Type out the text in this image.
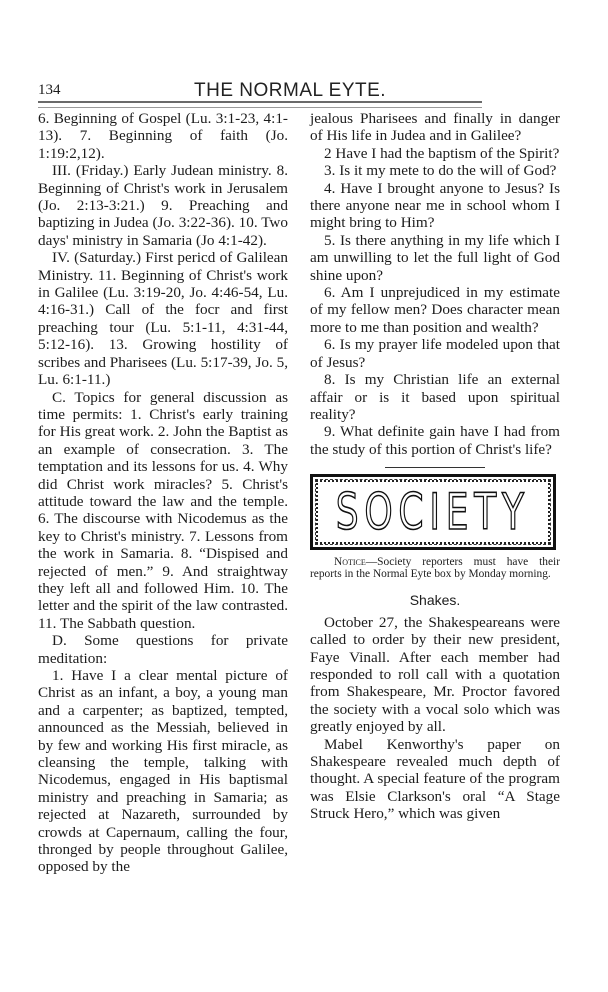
134	THE NORMAL EYTE.

6. Beginning of Gospel (Lu. 3:1-23, 4:1-13). 7. Beginning of faith (Jo. 1:19:2,12).

III. (Friday.) Early Judean ministry. 8. Beginning of Christ's work in Jerusalem (Jo. 2:13-3:21.) 9. Preaching and baptizing in Judea (Jo. 3:22-36). 10. Two days' ministry in Samaria (Jo 4:1-42).

IV. (Saturday.) First pericd of Galilean Ministry. 11. Beginning of Christ's work in Galilee (Lu. 3:19-20, Jo. 4:46-54, Lu. 4:16-31.) Call of the focr and first preaching tour (Lu. 5:1-11, 4:31-44, 5:12-16). 13. Growing hostility of scribes and Pharisees (Lu. 5:17-39, Jo. 5, Lu. 6:1-11.)

C. Topics for general discussion as time permits: 1. Christ's early training for His great work. 2. John the Baptist as an example of consecration. 3. The temptation and its lessons for us. 4. Why did Christ work miracles? 5. Christ's attitude toward the law and the temple. 6. The discourse with Nicodemus as the key to Christ's ministry. 7. Lessons from the work in Samaria. 8. “Dispised and rejected of men.” 9. And straightway they left all and followed Him. 10. The letter and the spirit of the law contrasted. 11. The Sabbath question.

D. Some questions for private meditation:

1. Have I a clear mental picture of Christ as an infant, a boy, a young man and a carpenter; as baptized, tempted, announced as the Messiah, believed in by few and working His first miracle, as cleansing the temple, talking with Nicodemus, engaged in His baptismal ministry and preaching in Samaria; as rejected at Nazareth, surrounded by crowds at Capernaum, calling the four, thronged by people throughout Galilee, opposed by the

jealous Pharisees and finally in danger of His life in Judea and in Galilee?

2 Have I had the baptism of the Spirit?

3. Is it my mete to do the will of God?

4. Have I brought anyone to Jesus? Is there anyone near me in school whom I might bring to Him?

5. Is there anything in my life which I am unwilling to let the full light of God shine upon?

6. Am I unprejudiced in my estimate of my fellow men? Does character mean more to me than position and wealth?

6. Is my prayer life modeled upon that of Jesus?

8. Is my Christian life an external affair or is it based upon spiritual reality?

9. What definite gain have I had from the study of this portion of Christ's life?

SOCIETY

Notice—Society reporters must have their reports in the Normal Eyte box by Monday morning.

Shakes.

October 27, the Shakespeareans were called to order by their new president, Faye Vinall. After each member had responded to roll call with a quotation from Shakespeare, Mr. Proctor favored the society with a vocal solo which was greatly enjoyed by all.

Mabel Kenworthy's paper on Shakespeare revealed much depth of thought. A special feature of the program was Elsie Clarkson's oral “A Stage Struck Hero,” which was given
